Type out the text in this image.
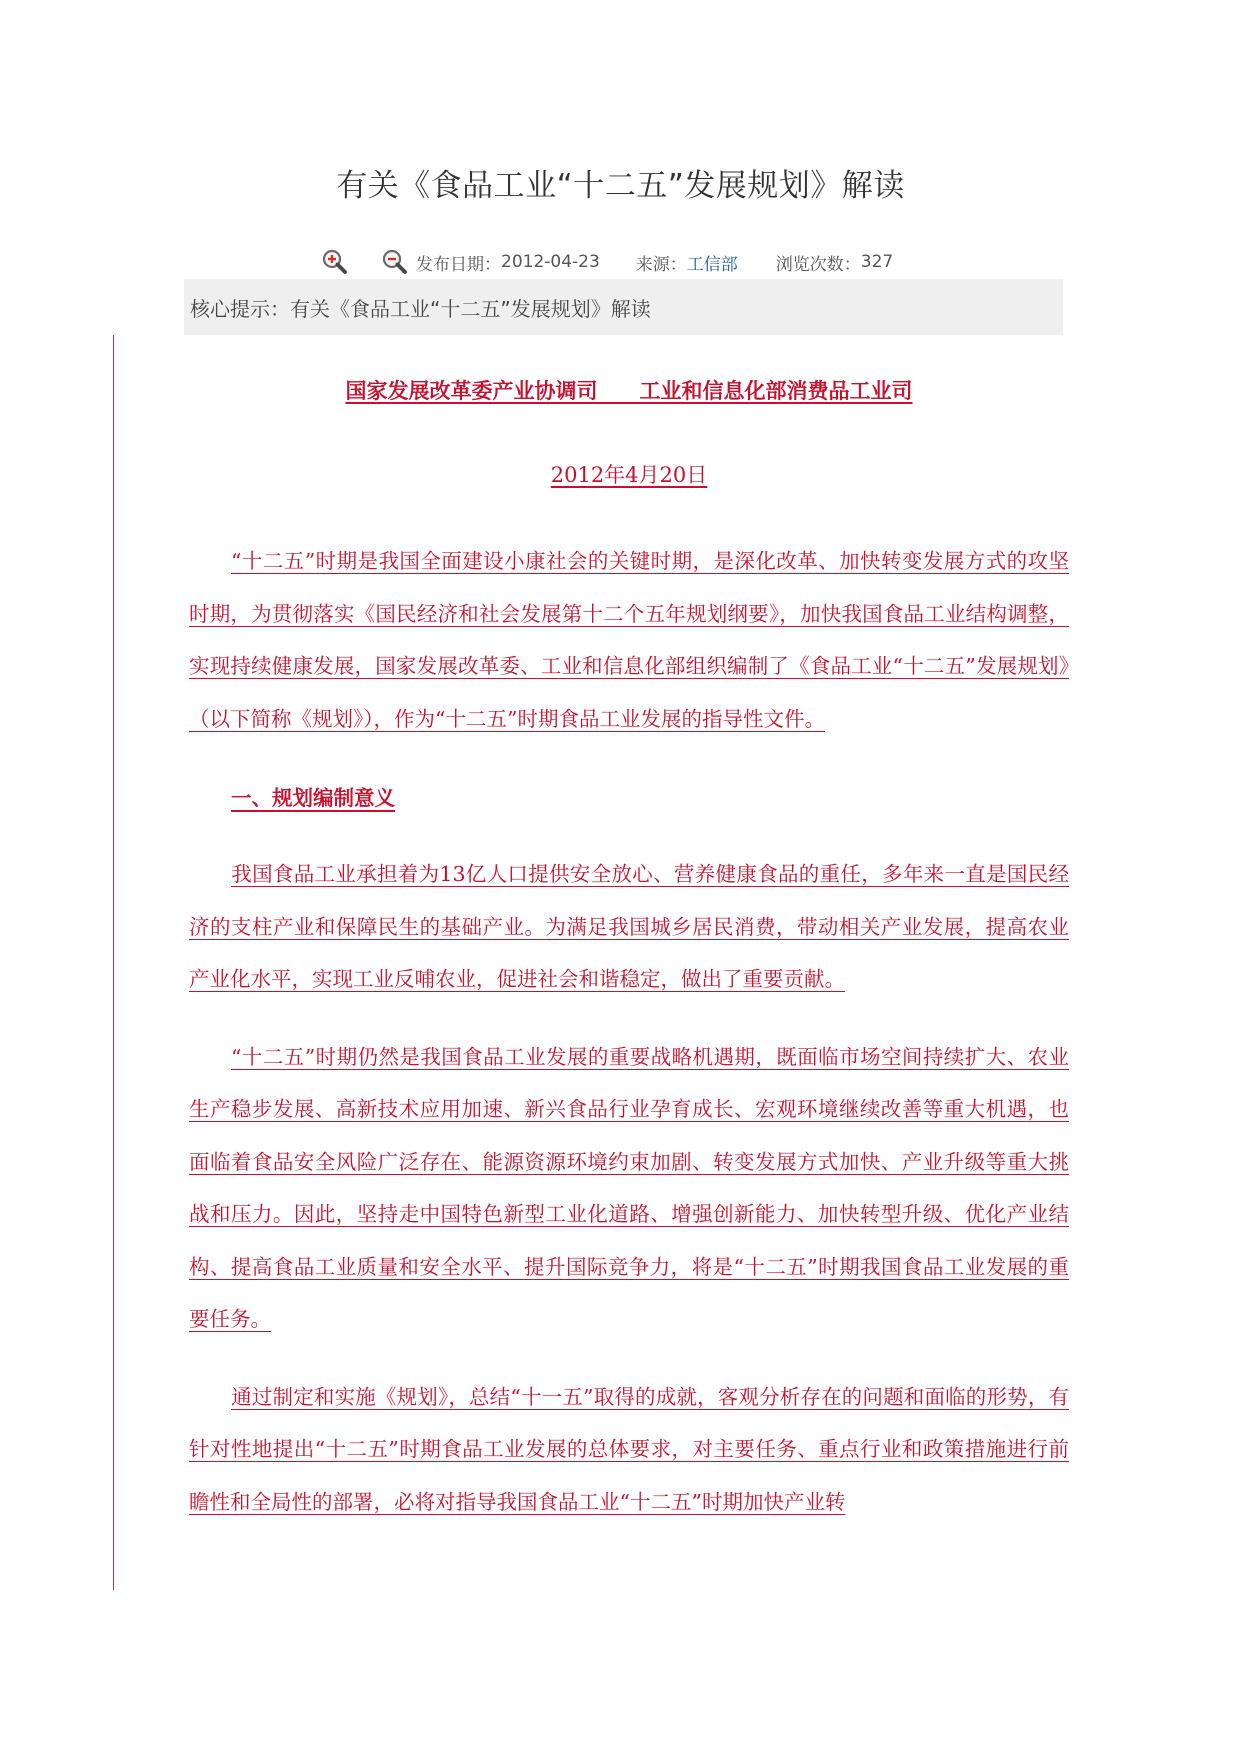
有关《食品工业“十二五”发展规划》解读
发布日期： 2012-04-23 来源： 工信部 浏览次数： 327
核心提示：有关《食品工业“十二五”发展规划》解读
国家发展改革委产业协调司　　工业和信息化部消费品工业司
2012年4月20日

“十二五”时期是我国全面建设小康社会的关键时期，是深化改革、加快转变发展方式的攻坚时期，为贯彻落实《国民经济和社会发展第十二个五年规划纲要》，加快我国食品工业结构调整，实现持续健康发展，国家发展改革委、工业和信息化部组织编制了《食品工业“十二五”发展规划》（以下简称《规划》），作为“十二五”时期食品工业发展的指导性文件。

一、规划编制意义

我国食品工业承担着为13亿人口提供安全放心、营养健康食品的重任，多年来一直是国民经济的支柱产业和保障民生的基础产业。为满足我国城乡居民消费，带动相关产业发展，提高农业产业化水平，实现工业反哺农业，促进社会和谐稳定，做出了重要贡献。

“十二五”时期仍然是我国食品工业发展的重要战略机遇期，既面临市场空间持续扩大、农业生产稳步发展、高新技术应用加速、新兴食品行业孕育成长、宏观环境继续改善等重大机遇，也面临着食品安全风险广泛存在、能源资源环境约束加剧、转变发展方式加快、产业升级等重大挑战和压力。因此，坚持走中国特色新型工业化道路、增强创新能力、加快转型升级、优化产业结构、提高食品工业质量和安全水平、提升国际竞争力，将是“十二五”时期我国食品工业发展的重要任务。

通过制定和实施《规划》，总结“十一五”取得的成就，客观分析存在的问题和面临的形势，有针对性地提出“十二五”时期食品工业发展的总体要求，对主要任务、重点行业和政策措施进行前瞻性和全局性的部署，必将对指导我国食品工业“十二五”时期加快产业转
